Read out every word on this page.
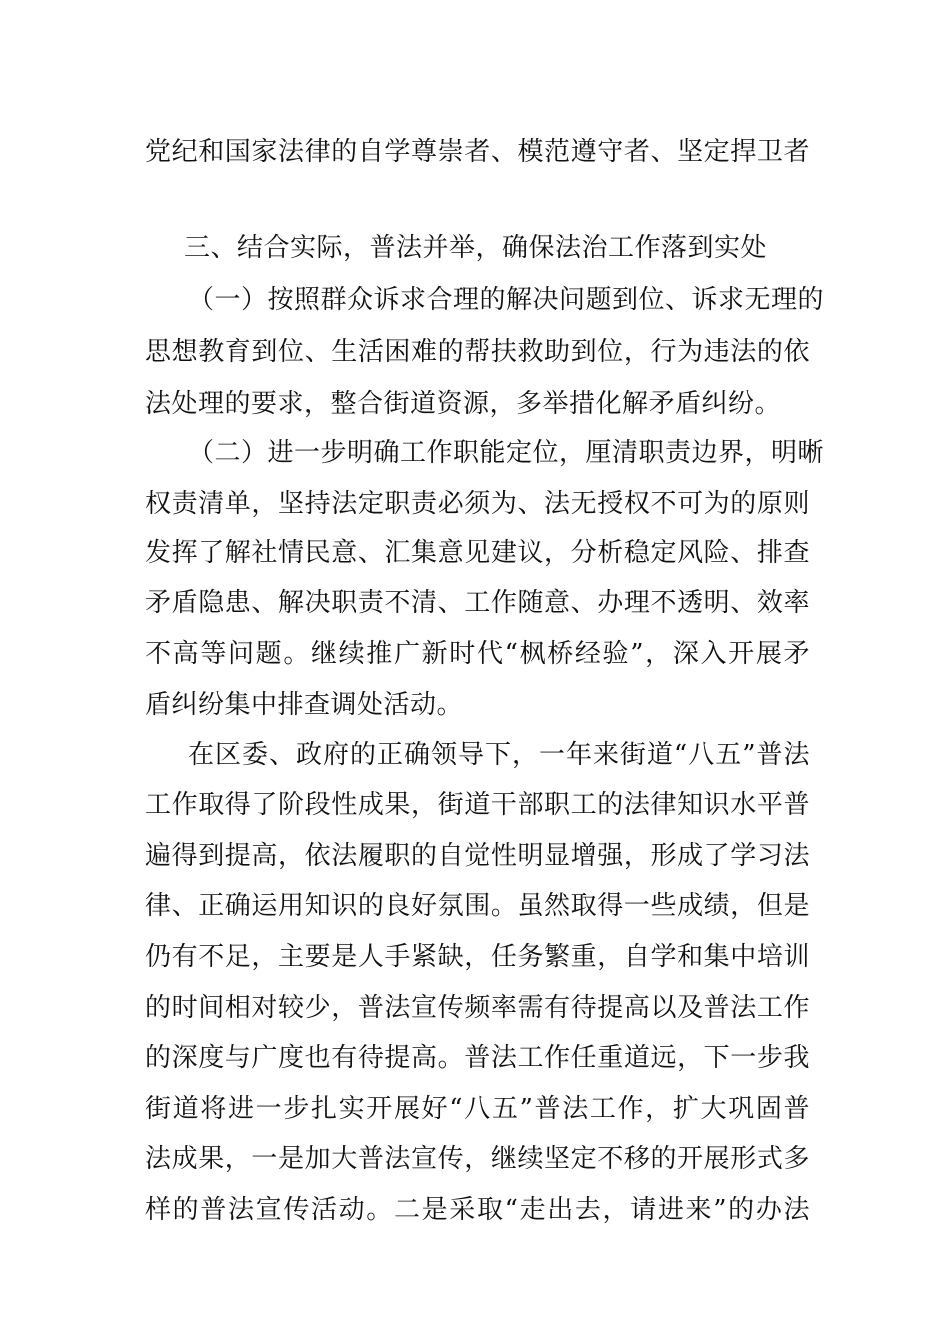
党纪和国家法律的自学尊崇者、模范遵守者、坚定捍卫者
三、结合实际，普法并举，确保法治工作落到实处
（一）按照群众诉求合理的解决问题到位、诉求无理的
思想教育到位、生活困难的帮扶救助到位，行为违法的依
法处理的要求，整合街道资源，多举措化解矛盾纠纷。
（二）进一步明确工作职能定位，厘清职责边界，明晰
权责清单，坚持法定职责必须为、法无授权不可为的原则
发挥了解社情民意、汇集意见建议，分析稳定风险、排查
矛盾隐患、解决职责不清、工作随意、办理不透明、效率
不高等问题。继续推广新时代“枫桥经验”，深入开展矛
盾纠纷集中排查调处活动。
在区委、政府的正确领导下，一年来街道“八五”普法
工作取得了阶段性成果，街道干部职工的法律知识水平普
遍得到提高，依法履职的自觉性明显增强，形成了学习法
律、正确运用知识的良好氛围。虽然取得一些成绩，但是
仍有不足，主要是人手紧缺，任务繁重，自学和集中培训
的时间相对较少，普法宣传频率需有待提高以及普法工作
的深度与广度也有待提高。普法工作任重道远，下一步我
街道将进一步扎实开展好“八五”普法工作，扩大巩固普
法成果，一是加大普法宣传，继续坚定不移的开展形式多
样的普法宣传活动。二是采取“走出去，请进来”的办法
